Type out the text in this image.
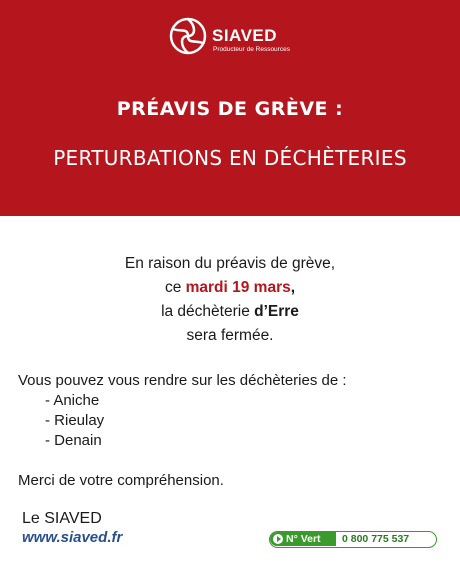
SIAVED
Producteur de Ressources
PRÉAVIS DE GRÈVE :
PERTURBATIONS EN DÉCHÈTERIES
En raison du préavis de grève,
ce mardi 19 mars,
la déchèterie d’Erre
sera fermée.
Vous pouvez vous rendre sur les déchèteries de :
- Aniche
- Rieulay
- Denain
Merci de votre compréhension.
Le SIAVED
www.siaved.fr	N° Vert 0 800 775 537
